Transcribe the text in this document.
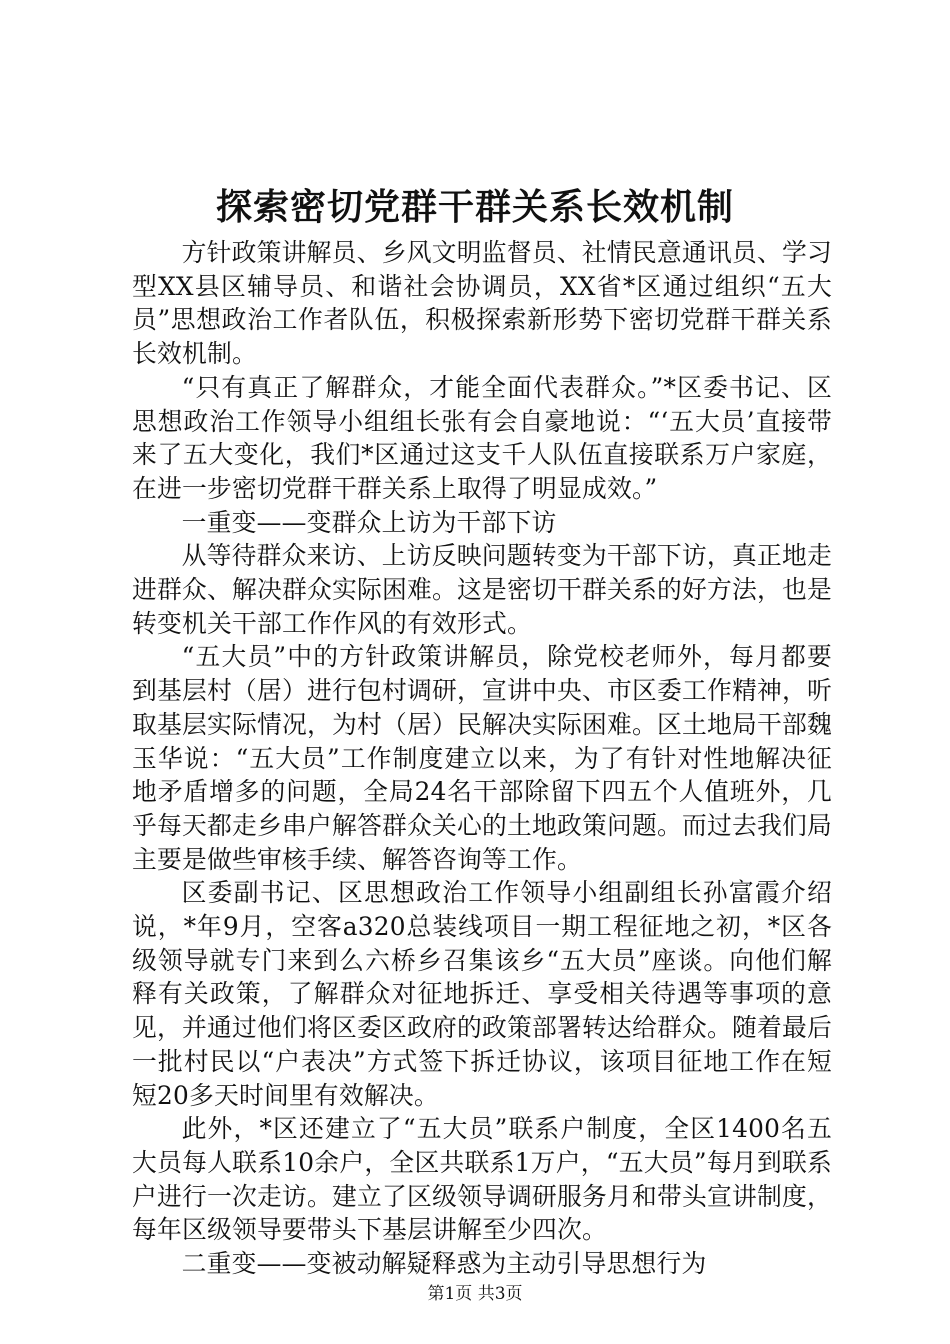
探索密切党群干群关系长效机制

方针政策讲解员、乡风文明监督员、社情民意通讯员、学习型XX县区辅导员、和谐社会协调员，XX省*区通过组织“五大员”思想政治工作者队伍，积极探索新形势下密切党群干群关系长效机制。

“只有真正了解群众，才能全面代表群众。”*区委书记、区思想政治工作领导小组组长张有会自豪地说：“‘五大员’直接带来了五大变化，我们*区通过这支千人队伍直接联系万户家庭，在进一步密切党群干群关系上取得了明显成效。”

一重变——变群众上访为干部下访

从等待群众来访、上访反映问题转变为干部下访，真正地走进群众、解决群众实际困难。这是密切干群关系的好方法，也是转变机关干部工作作风的有效形式。

“五大员”中的方针政策讲解员，除党校老师外，每月都要到基层村（居）进行包村调研，宣讲中央、市区委工作精神，听取基层实际情况，为村（居）民解决实际困难。区土地局干部魏玉华说：“五大员”工作制度建立以来，为了有针对性地解决征地矛盾增多的问题，全局24名干部除留下四五个人值班外，几乎每天都走乡串户解答群众关心的土地政策问题。而过去我们局主要是做些审核手续、解答咨询等工作。

区委副书记、区思想政治工作领导小组副组长孙富霞介绍说，*年9月，空客a320总装线项目一期工程征地之初，*区各级领导就专门来到么六桥乡召集该乡“五大员”座谈。向他们解释有关政策，了解群众对征地拆迁、享受相关待遇等事项的意见，并通过他们将区委区政府的政策部署转达给群众。随着最后一批村民以“户表决”方式签下拆迁协议，该项目征地工作在短短20多天时间里有效解决。

此外，*区还建立了“五大员”联系户制度，全区1400名五大员每人联系10余户，全区共联系1万户，“五大员”每月到联系户进行一次走访。建立了区级领导调研服务月和带头宣讲制度，每年区级领导要带头下基层讲解至少四次。

二重变——变被动解疑释惑为主动引导思想行为

第1页 共3页
